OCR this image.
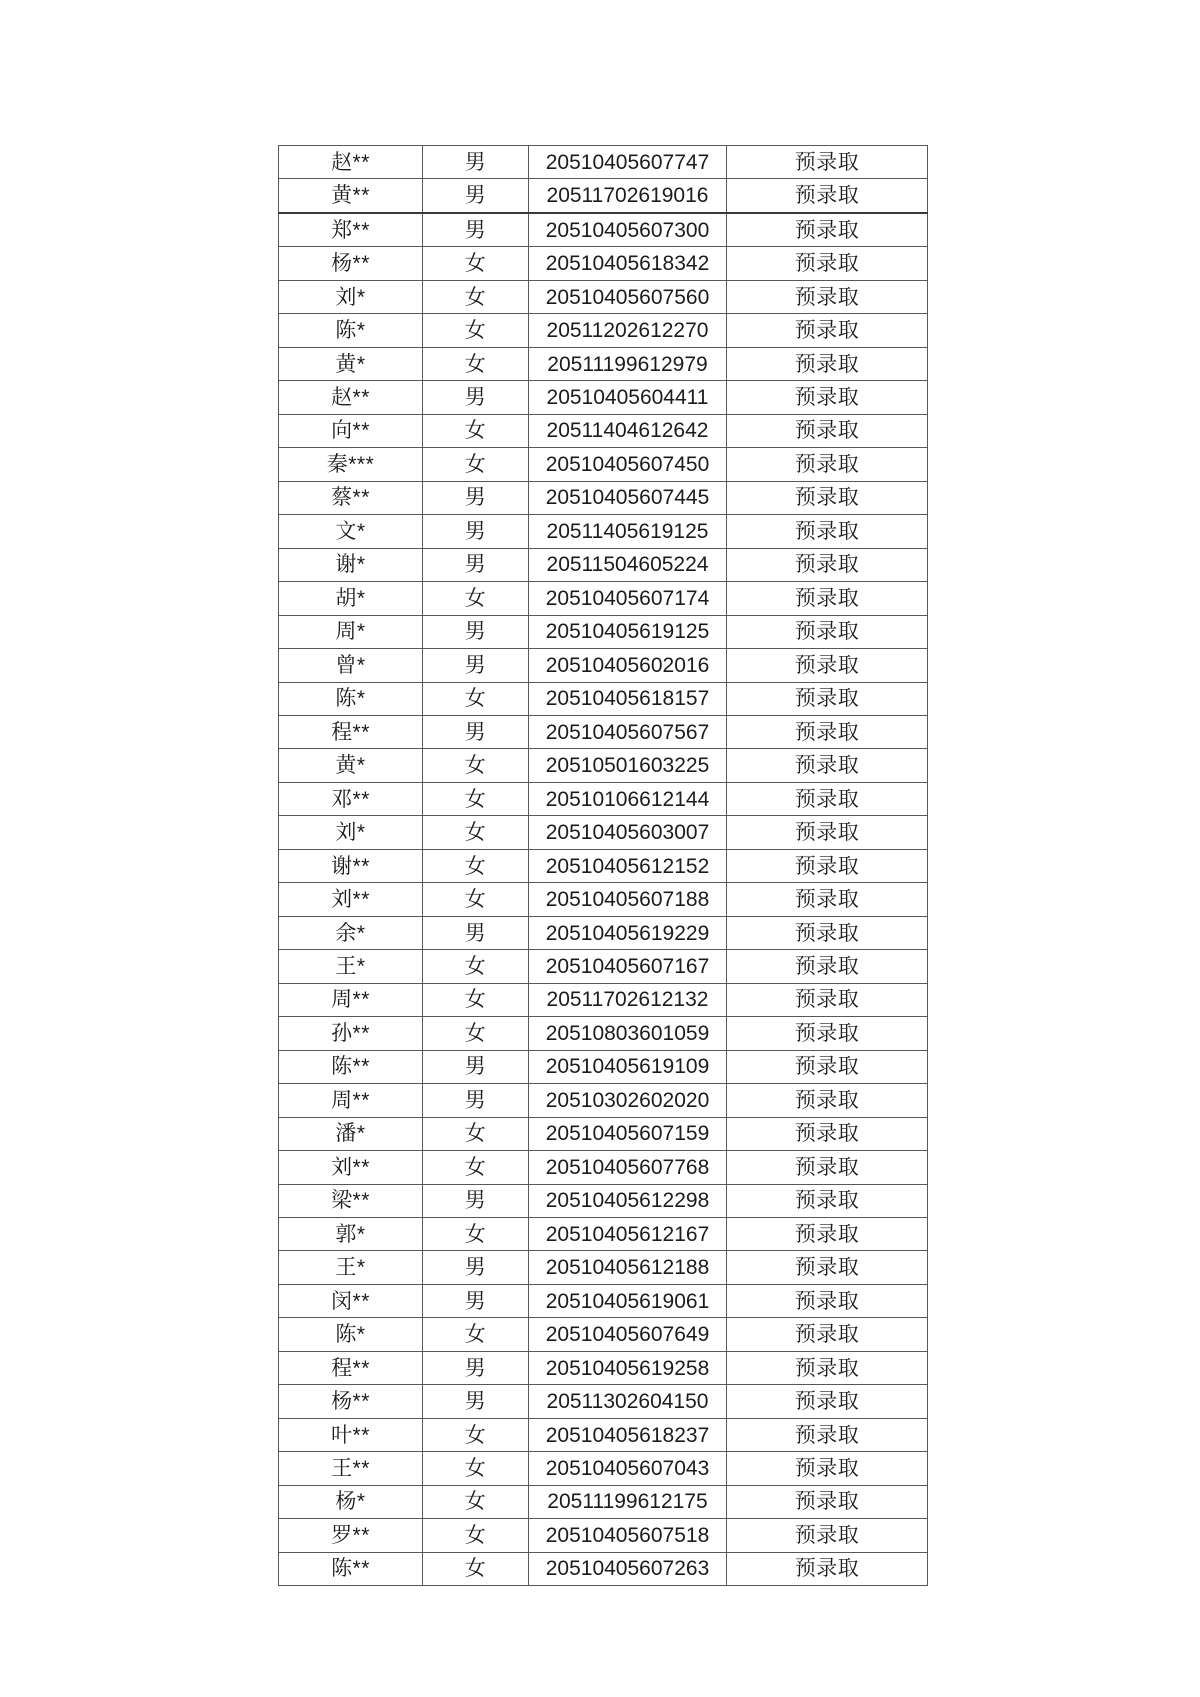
赵**	男	20510405607747	预录取
黄**	男	20511702619016	预录取
郑**	男	20510405607300	预录取
杨**	女	20510405618342	预录取
刘*	女	20510405607560	预录取
陈*	女	20511202612270	预录取
黄*	女	20511199612979	预录取
赵**	男	20510405604411	预录取
向**	女	20511404612642	预录取
秦***	女	20510405607450	预录取
蔡**	男	20510405607445	预录取
文*	男	20511405619125	预录取
谢*	男	20511504605224	预录取
胡*	女	20510405607174	预录取
周*	男	20510405619125	预录取
曾*	男	20510405602016	预录取
陈*	女	20510405618157	预录取
程**	男	20510405607567	预录取
黄*	女	20510501603225	预录取
邓**	女	20510106612144	预录取
刘*	女	20510405603007	预录取
谢**	女	20510405612152	预录取
刘**	女	20510405607188	预录取
余*	男	20510405619229	预录取
王*	女	20510405607167	预录取
周**	女	20511702612132	预录取
孙**	女	20510803601059	预录取
陈**	男	20510405619109	预录取
周**	男	20510302602020	预录取
潘*	女	20510405607159	预录取
刘**	女	20510405607768	预录取
梁**	男	20510405612298	预录取
郭*	女	20510405612167	预录取
王*	男	20510405612188	预录取
闵**	男	20510405619061	预录取
陈*	女	20510405607649	预录取
程**	男	20510405619258	预录取
杨**	男	20511302604150	预录取
叶**	女	20510405618237	预录取
王**	女	20510405607043	预录取
杨*	女	20511199612175	预录取
罗**	女	20510405607518	预录取
陈**	女	20510405607263	预录取
